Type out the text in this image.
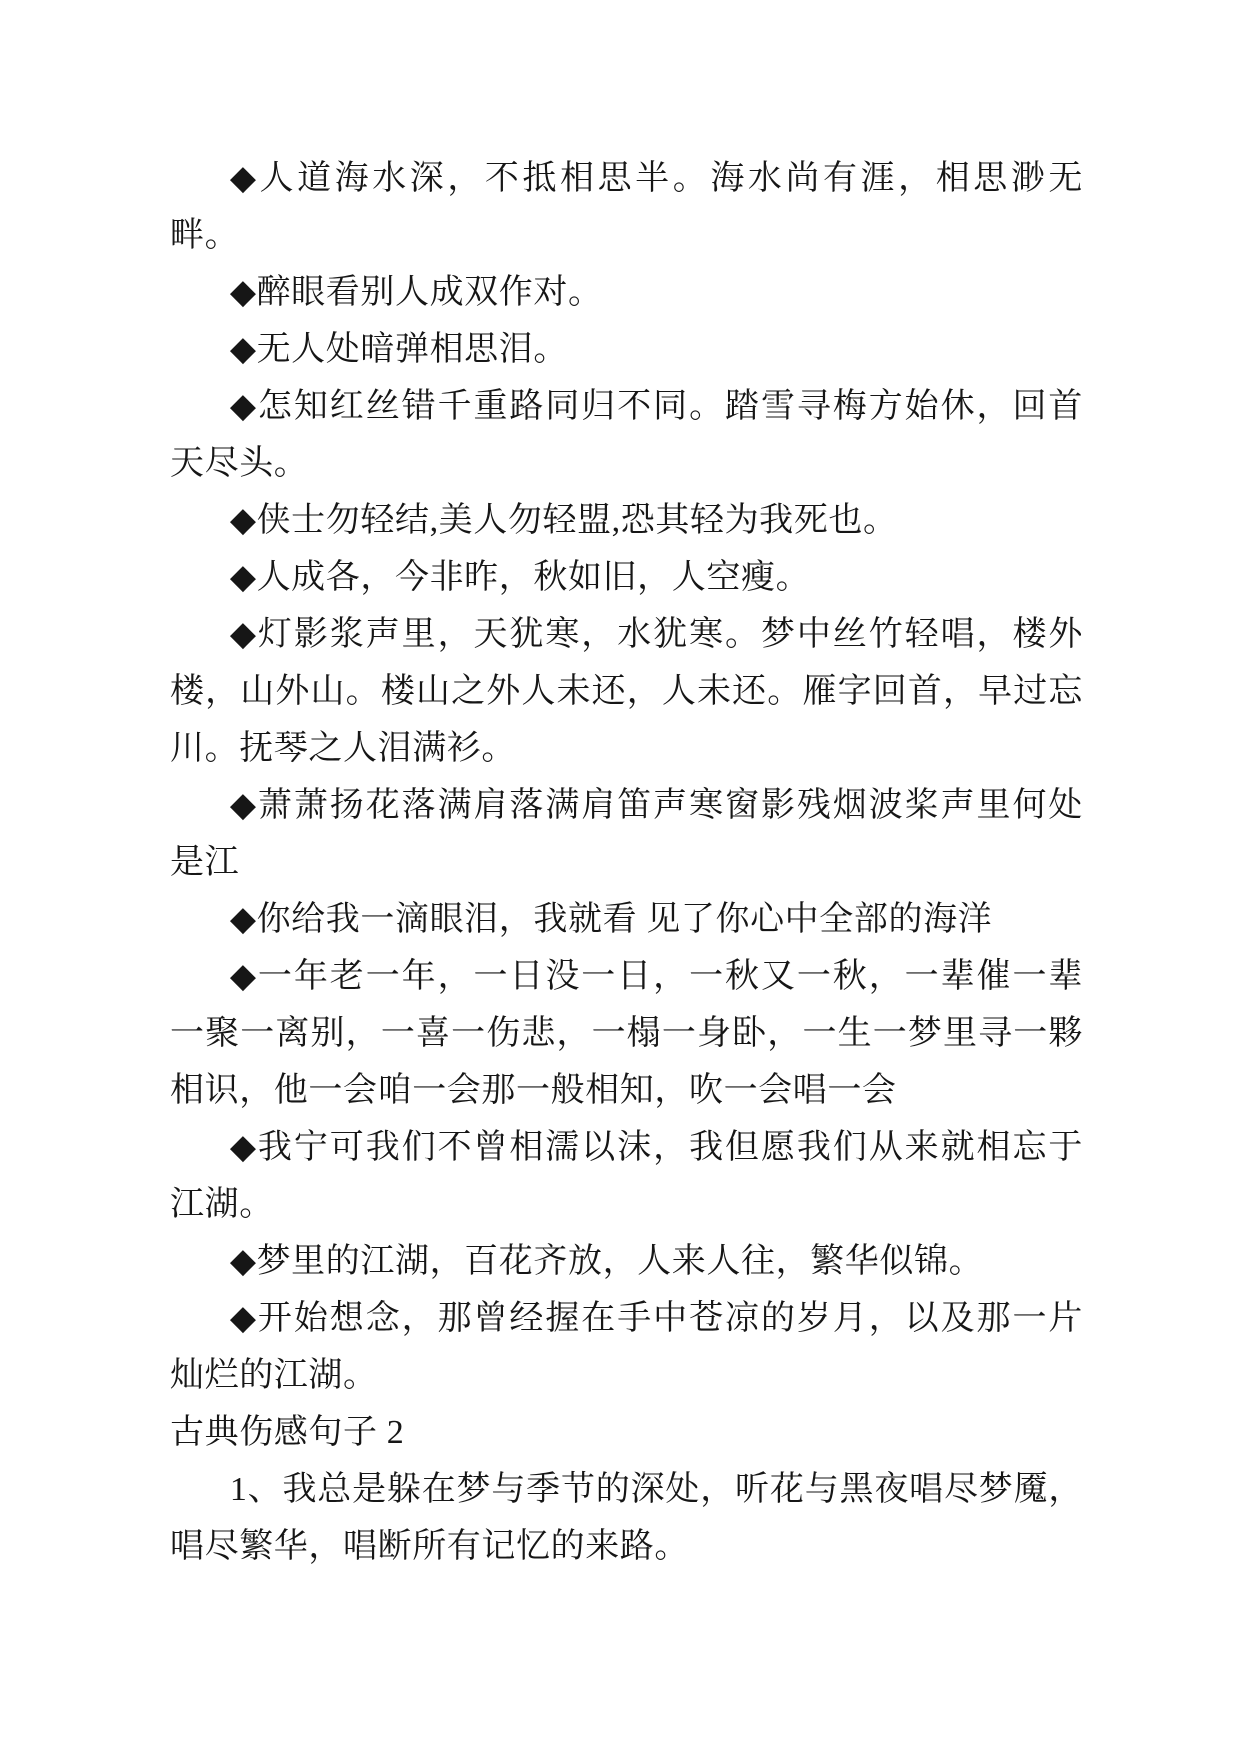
◆人道海水深，不抵相思半。海水尚有涯，相思渺无畔。

◆醉眼看别人成双作对。

◆无人处暗弹相思泪。

◆怎知红丝错千重路同归不同。踏雪寻梅方始休，回首天尽头。

◆侠士勿轻结,美人勿轻盟,恐其轻为我死也。

◆人成各，今非昨，秋如旧，人空瘦。

◆灯影浆声里，天犹寒，水犹寒。梦中丝竹轻唱，楼外楼，山外山。楼山之外人未还，人未还。雁字回首，早过忘川。抚琴之人泪满衫。

◆萧萧扬花落满肩落满肩笛声寒窗影残烟波桨声里何处是江

◆你给我一滴眼泪，我就看 见了你心中全部的海洋

◆一年老一年，一日没一日，一秋又一秋，一辈催一辈一聚一离别，一喜一伤悲，一榻一身卧，一生一梦里寻一夥相识，他一会咱一会那一般相知，吹一会唱一会

◆我宁可我们不曾相濡以沫，我但愿我们从来就相忘于江湖。

◆梦里的江湖，百花齐放，人来人往，繁华似锦。

◆开始想念，那曾经握在手中苍凉的岁月，以及那一片灿烂的江湖。

古典伤感句子 2

1、我总是躲在梦与季节的深处，听花与黑夜唱尽梦魇，唱尽繁华，唱断所有记忆的来路。
